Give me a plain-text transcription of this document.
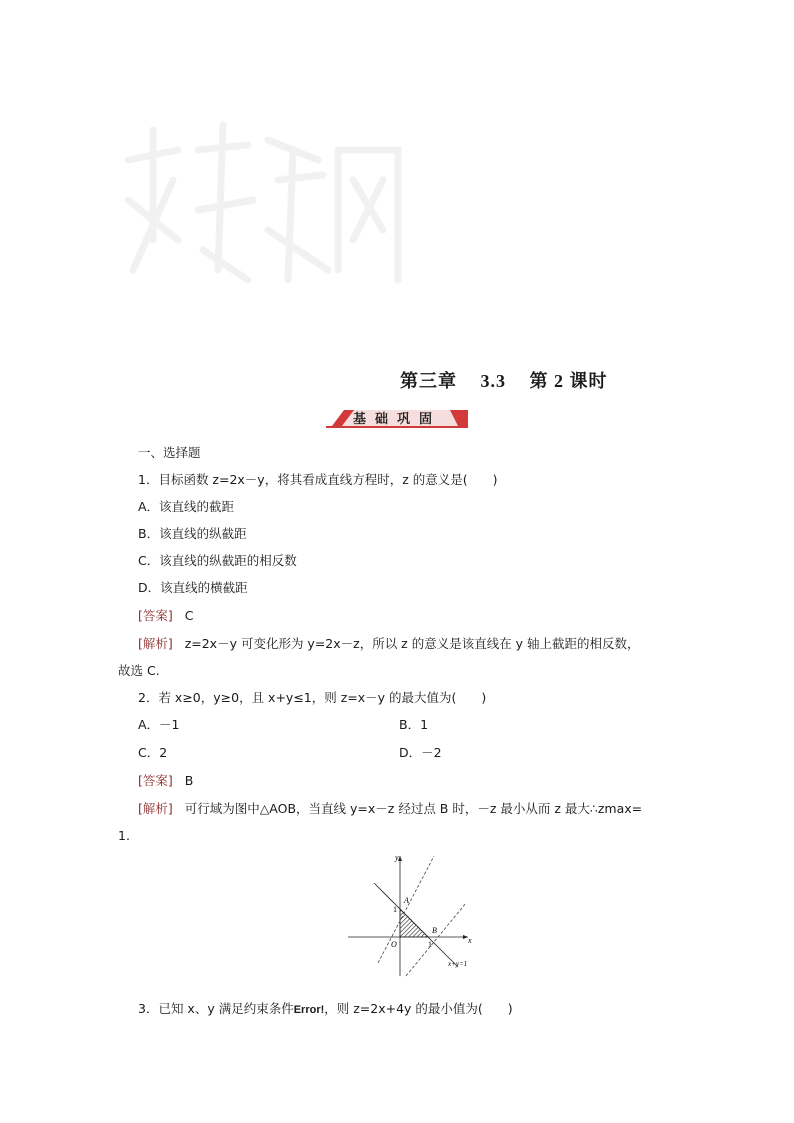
第三章 3.3 第 2 课时
基础巩固
一、选择题
1．目标函数 z=2x－y，将其看成直线方程时，z 的意义是(　　)
A．该直线的截距
B．该直线的纵截距
C．该直线的纵截距的相反数
D．该直线的横截距
[答案] C
[解析] z=2x－y 可变化形为 y=2x－z，所以 z 的意义是该直线在 y 轴上截距的相反数，
故选 C.
2．若 x≥0，y≥0，且 x+y≤1，则 z=x－y 的最大值为(　　)
A．－1	B．1
C．2	D．－2
[答案] B
[解析] 可行域为图中△AOB，当直线 y=x－z 经过点 B 时，－z 最小从而 z 最大∴zmax=
1.
y
x
O
A
B
1
1
x+y=1
3．已知 x、y 满足约束条件Error!，则 z=2x+4y 的最小值为(　　)
